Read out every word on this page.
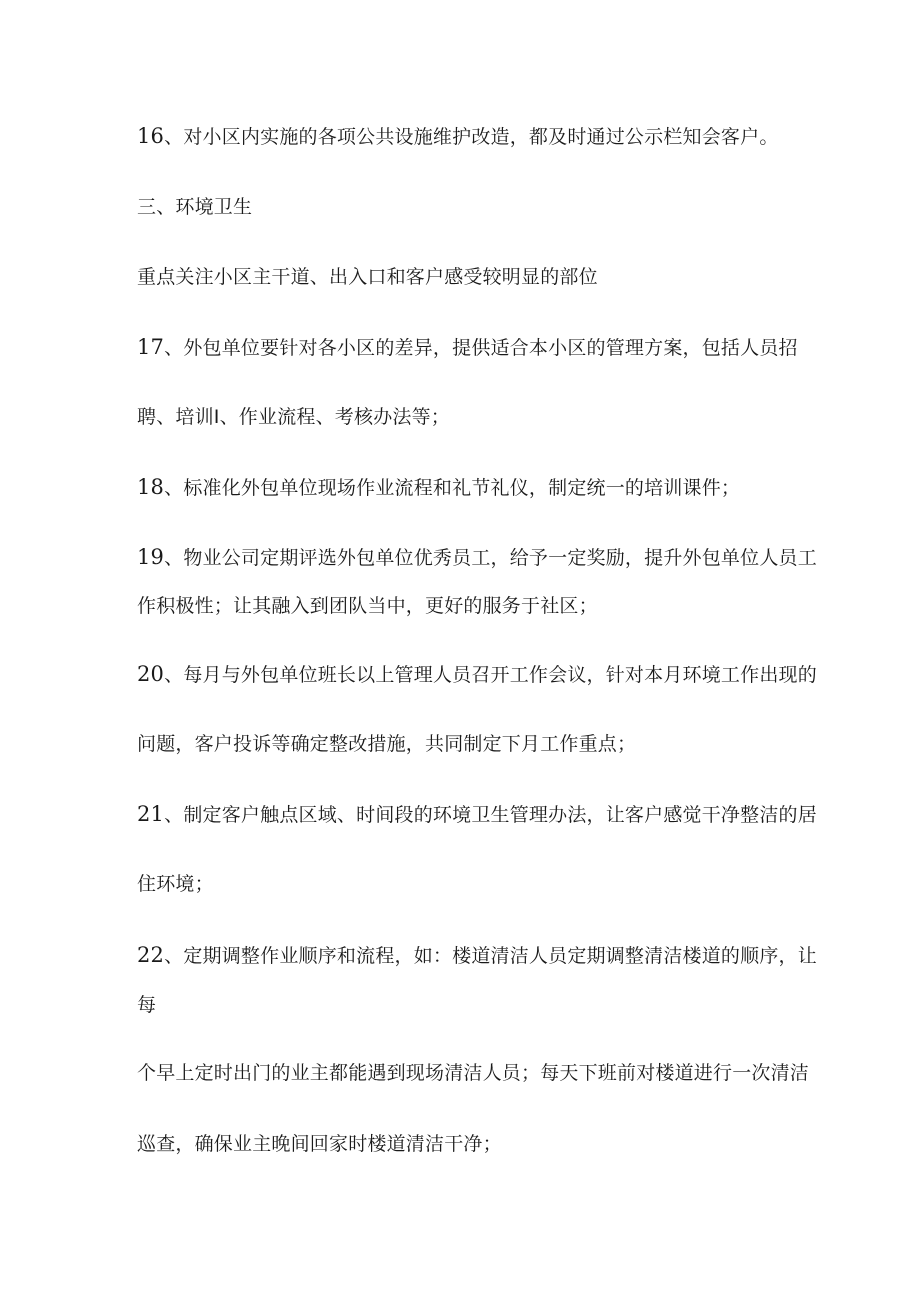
16、对小区内实施的各项公共设施维护改造，都及时通过公示栏知会客户。
三、环境卫生
重点关注小区主干道、出入口和客户感受较明显的部位
17、外包单位要针对各小区的差异，提供适合本小区的管理方案，包括人员招
聘、培训Ⅰ、作业流程、考核办法等；
18、标准化外包单位现场作业流程和礼节礼仪，制定统一的培训课件；
19、物业公司定期评选外包单位优秀员工，给予一定奖励，提升外包单位人员工
作积极性；让其融入到团队当中，更好的服务于社区；
20、每月与外包单位班长以上管理人员召开工作会议，针对本月环境工作出现的
问题，客户投诉等确定整改措施，共同制定下月工作重点；
21、制定客户触点区域、时间段的环境卫生管理办法，让客户感觉干净整洁的居
住环境；
22、定期调整作业顺序和流程，如：楼道清洁人员定期调整清洁楼道的顺序，让
每
个早上定时出门的业主都能遇到现场清洁人员；每天下班前对楼道进行一次清洁
巡查，确保业主晚间回家时楼道清洁干净；
